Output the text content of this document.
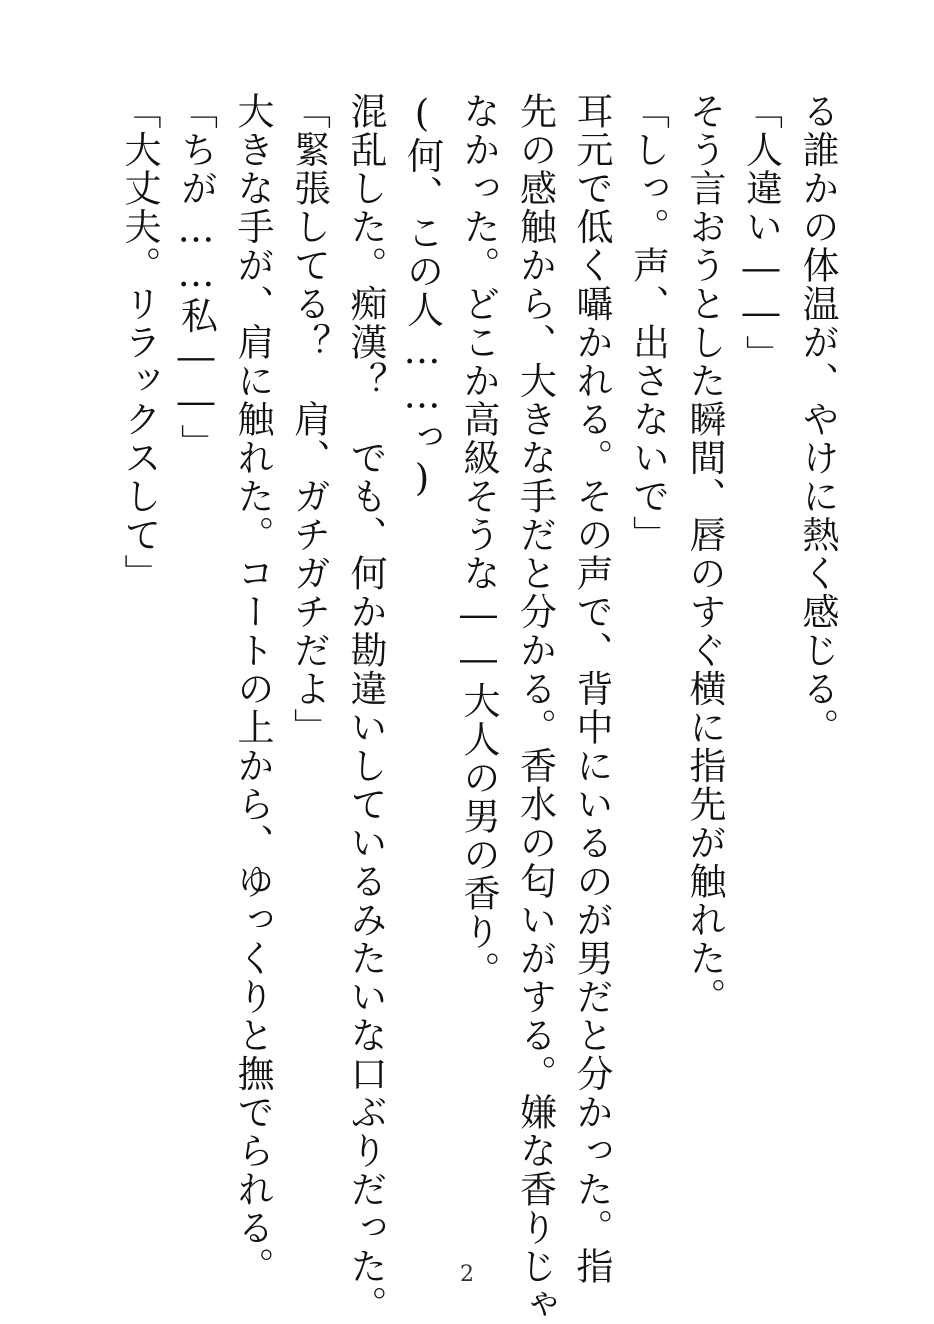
る誰かの体温が、やけに熱く感じる。
「人違い――」
そう言おうとした瞬間、唇のすぐ横に指先が触れた。
「しっ。声、出さないで」
耳元で低く囁かれる。その声で、背中にいるのが男だと分かった。指
先の感触から、大きな手だと分かる。香水の匂いがする。嫌な香りじゃ
なかった。どこか高級そうな――大人の男の香り。
(何、この人……っ)
混乱した。痴漢？　でも、何か勘違いしているみたいな口ぶりだった。
「緊張してる？　肩、ガチガチだよ」
大きな手が、肩に触れた。コートの上から、ゆっくりと撫でられる。
「ちが……私――」
「大丈夫。リラックスして」
2
